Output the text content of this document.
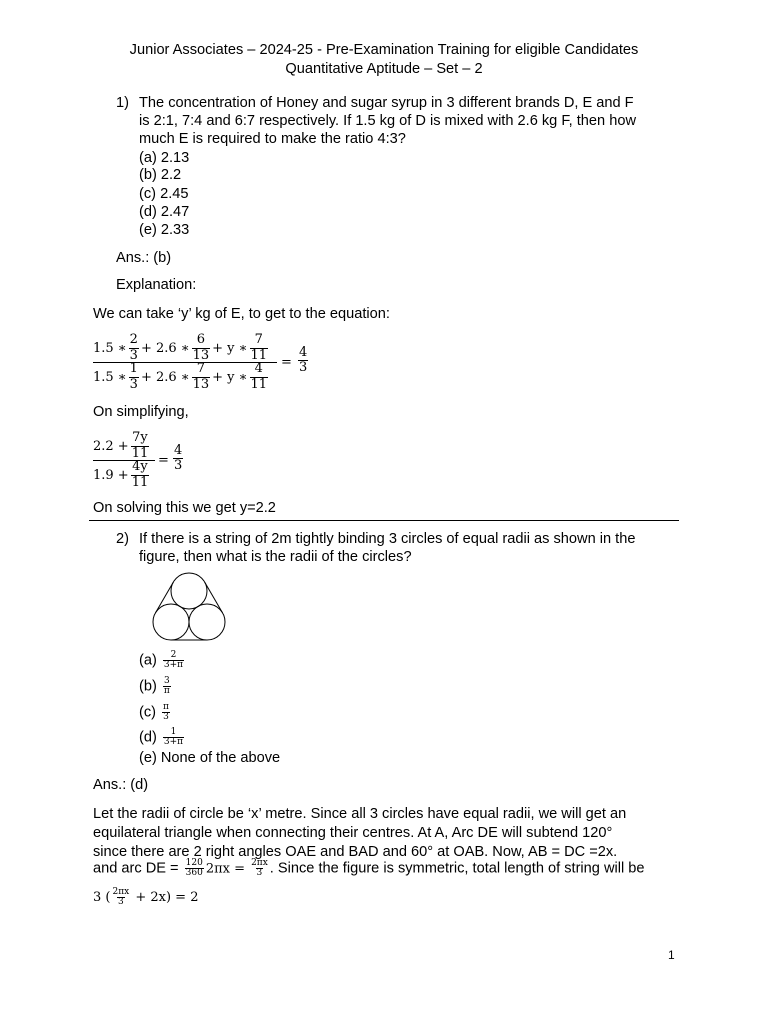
Junior Associates – 2024-25 - Pre-Examination Training for eligible Candidates
Quantitative Aptitude – Set – 2
1) The concentration of Honey and sugar syrup in 3 different brands D, E and F
is 2:1, 7:4 and 6:7 respectively. If 1.5 kg of D is mixed with 2.6 kg F, then how
much E is required to make the ratio 4:3?
(a) 2.13
(b) 2.2
(c) 2.45
(d) 2.47
(e) 2.33
Ans.: (b)
Explanation:
We can take ‘y’ kg of E, to get to the equation:
1.5 ∗ $\frac{2}{3} + 2.6$ ∗ $\frac{6}{13} + y$ ∗ $\frac{7}{11}$
1.5 ∗ $\frac{1}{3} + 2.6$ ∗ $\frac{7}{13} + y$ ∗ $\frac{4}{11} = \frac{4}{3}$
On simplifying,
$2.2 + \frac{7y}{11}$
$1.9 + \frac{4y}{11} = \frac{4}{3}$
On solving this we get y=2.2
2) If there is a string of 2m tightly binding 3 circles of equal radii as shown in the
figure, then what is the radii of the circles?
$(a) \frac{2}{3+\pi}$
$(b) \frac{3}{\pi}$
$(c) \frac{\pi}{3}$
$(d) \frac{1}{3+\pi}$
(e) None of the above
Ans.: (d)
Let the radii of circle be ‘x’ metre. Since all 3 circles have equal radii, we will get an
equilateral triangle when connecting their centres. At A, Arc DE will subtend 120°
since there are 2 right angles OAE and BAD and 60° at OAB. Now, AB = DC =2x.
and arc DE = $\frac{120}{360} 2\pi x = \frac{2\pi x}{3}$ . Since the figure is symmetric, total length of string will be
3 ( $\frac{2\pi x}{3} + 2x) = 2$
1
